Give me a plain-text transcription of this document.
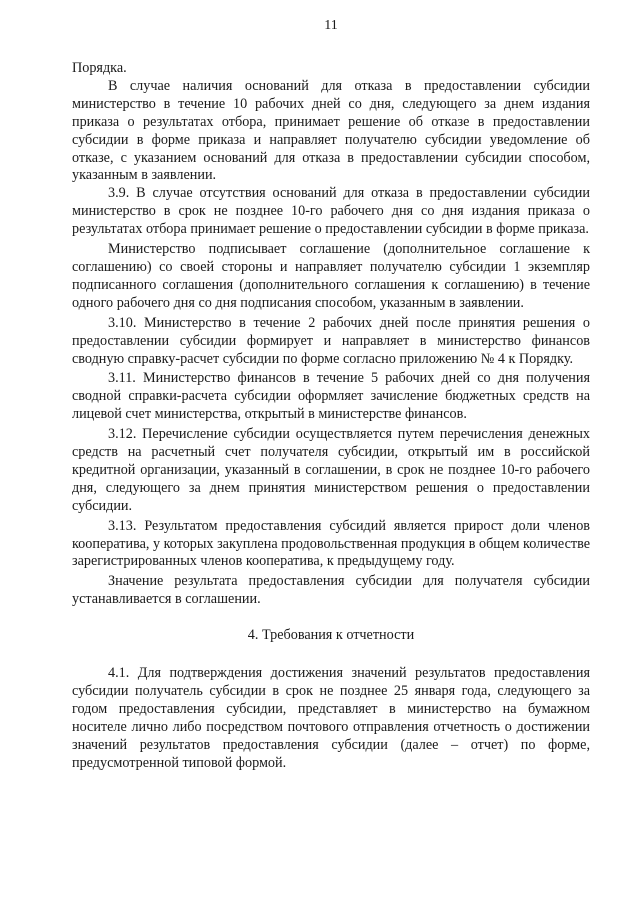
11

Порядка.

В случае наличия оснований для отказа в предоставлении субсидии министерство в течение 10 рабочих дней со дня, следующего за днем издания приказа о результатах отбора, принимает решение об отказе в предоставлении субсидии в форме приказа и направляет получателю субсидии уведомление об отказе, с указанием оснований для отказа в предоставлении субсидии способом, указанным в заявлении.

3.9. В случае отсутствия оснований для отказа в предоставлении субсидии министерство в срок не позднее 10-го рабочего дня со дня издания приказа о результатах отбора принимает решение о предоставлении субсидии в форме приказа.

Министерство подписывает соглашение (дополнительное соглашение к соглашению) со своей стороны и направляет получателю субсидии 1 экземпляр подписанного соглашения (дополнительного соглашения к соглашению) в течение одного рабочего дня со дня подписания способом, указанным в заявлении.

3.10. Министерство в течение 2 рабочих дней после принятия решения о предоставлении субсидии формирует и направляет в министерство финансов сводную справку-расчет субсидии по форме согласно приложению № 4 к Порядку.

3.11. Министерство финансов в течение 5 рабочих дней со дня получения сводной справки-расчета субсидии оформляет зачисление бюджетных средств на лицевой счет министерства, открытый в министерстве финансов.

3.12. Перечисление субсидии осуществляется путем перечисления денежных средств на расчетный счет получателя субсидии, открытый им в российской кредитной организации, указанный в соглашении, в срок не позднее 10-го рабочего дня, следующего за днем принятия министерством решения о предоставлении субсидии.

3.13. Результатом предоставления субсидий является прирост доли членов кооператива, у которых закуплена продовольственная продукция в общем количестве зарегистрированных членов кооператива, к предыдущему году.

Значение результата предоставления субсидии для получателя субсидии устанавливается в соглашении.

4. Требования к отчетности

4.1. Для подтверждения достижения значений результатов предоставления субсидии получатель субсидии в срок не позднее 25 января года, следующего за годом предоставления субсидии, представляет в министерство на бумажном носителе лично либо посредством почтового отправления отчетность о достижении значений результатов предоставления субсидии (далее – отчет) по форме, предусмотренной типовой формой.
